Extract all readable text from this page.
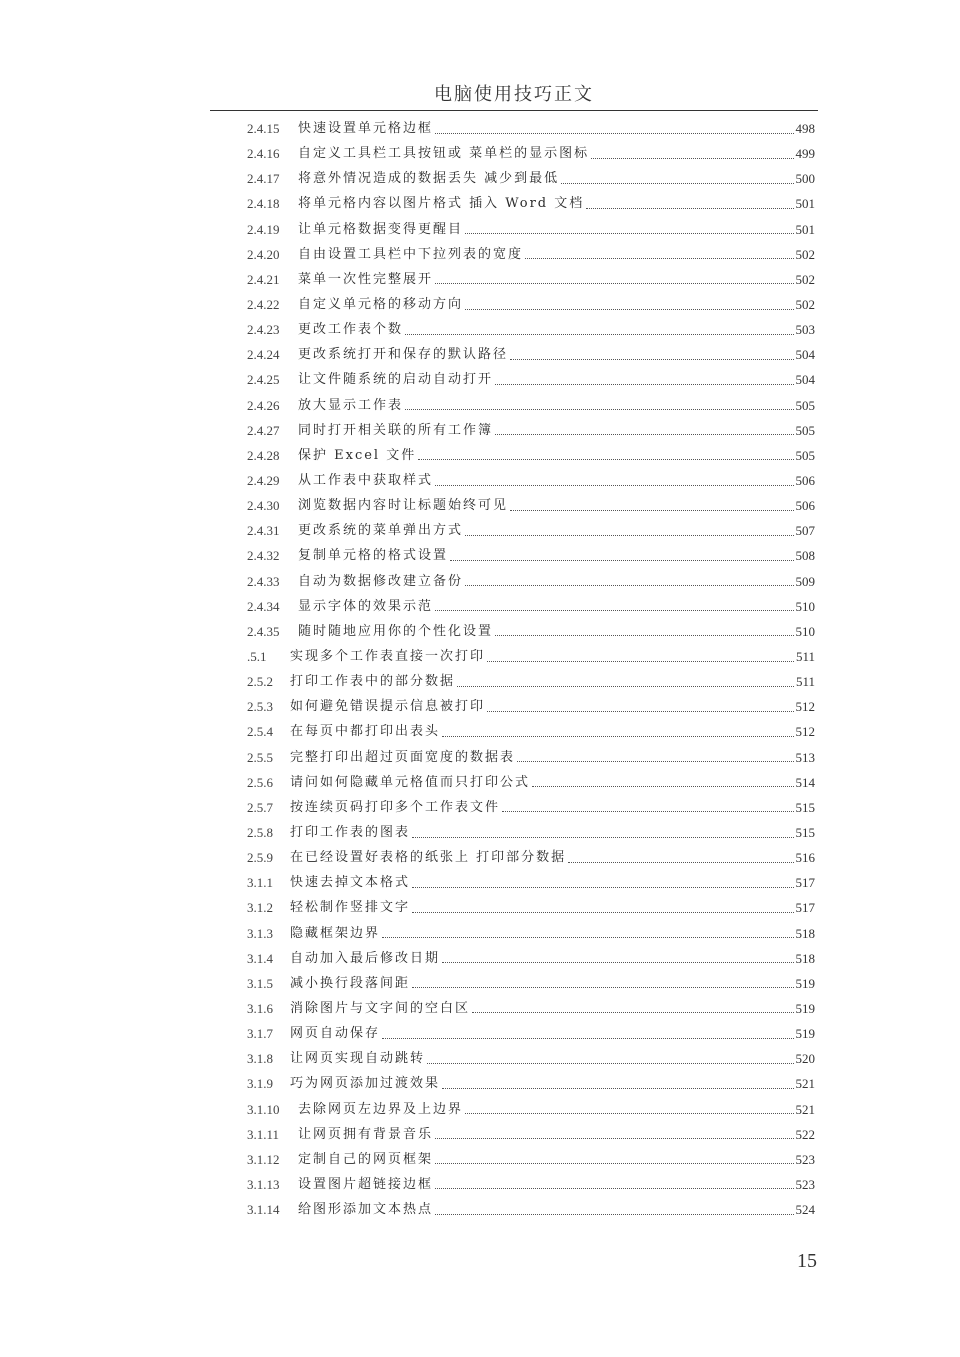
电脑使用技巧正文
2.4.15	快速设置单元格边框	498
2.4.16	自定义工具栏工具按钮或 菜单栏的显示图标	499
2.4.17	将意外情况造成的数据丢失 减少到最低	500
2.4.18	将单元格内容以图片格式 插入 Word 文档	501
2.4.19	让单元格数据变得更醒目	501
2.4.20	自由设置工具栏中下拉列表的宽度	502
2.4.21	菜单一次性完整展开	502
2.4.22	自定义单元格的移动方向	502
2.4.23	更改工作表个数	503
2.4.24	更改系统打开和保存的默认路径	504
2.4.25	让文件随系统的启动自动打开	504
2.4.26	放大显示工作表	505
2.4.27	同时打开相关联的所有工作簿	505
2.4.28	保护 Excel 文件	505
2.4.29	从工作表中获取样式	506
2.4.30	浏览数据内容时让标题始终可见	506
2.4.31	更改系统的菜单弹出方式	507
2.4.32	复制单元格的格式设置	508
2.4.33	自动为数据修改建立备份	509
2.4.34	显示字体的效果示范	510
2.4.35	随时随地应用你的个性化设置	510
.5.1	实现多个工作表直接一次打印	511
2.5.2	打印工作表中的部分数据	511
2.5.3	如何避免错误提示信息被打印	512
2.5.4	在每页中都打印出表头	512
2.5.5	完整打印出超过页面宽度的数据表	513
2.5.6	请问如何隐藏单元格值而只打印公式	514
2.5.7	按连续页码打印多个工作表文件	515
2.5.8	打印工作表的图表	515
2.5.9	在已经设置好表格的纸张上 打印部分数据	516
3.1.1	快速去掉文本格式	517
3.1.2	轻松制作竖排文字	517
3.1.3	隐藏框架边界	518
3.1.4	自动加入最后修改日期	518
3.1.5	减小换行段落间距	519
3.1.6	消除图片与文字间的空白区	519
3.1.7	网页自动保存	519
3.1.8	让网页实现自动跳转	520
3.1.9	巧为网页添加过渡效果	521
3.1.10	去除网页左边界及上边界	521
3.1.11	让网页拥有背景音乐	522
3.1.12	定制自己的网页框架	523
3.1.13	设置图片超链接边框	523
3.1.14	给图形添加文本热点	524
15
